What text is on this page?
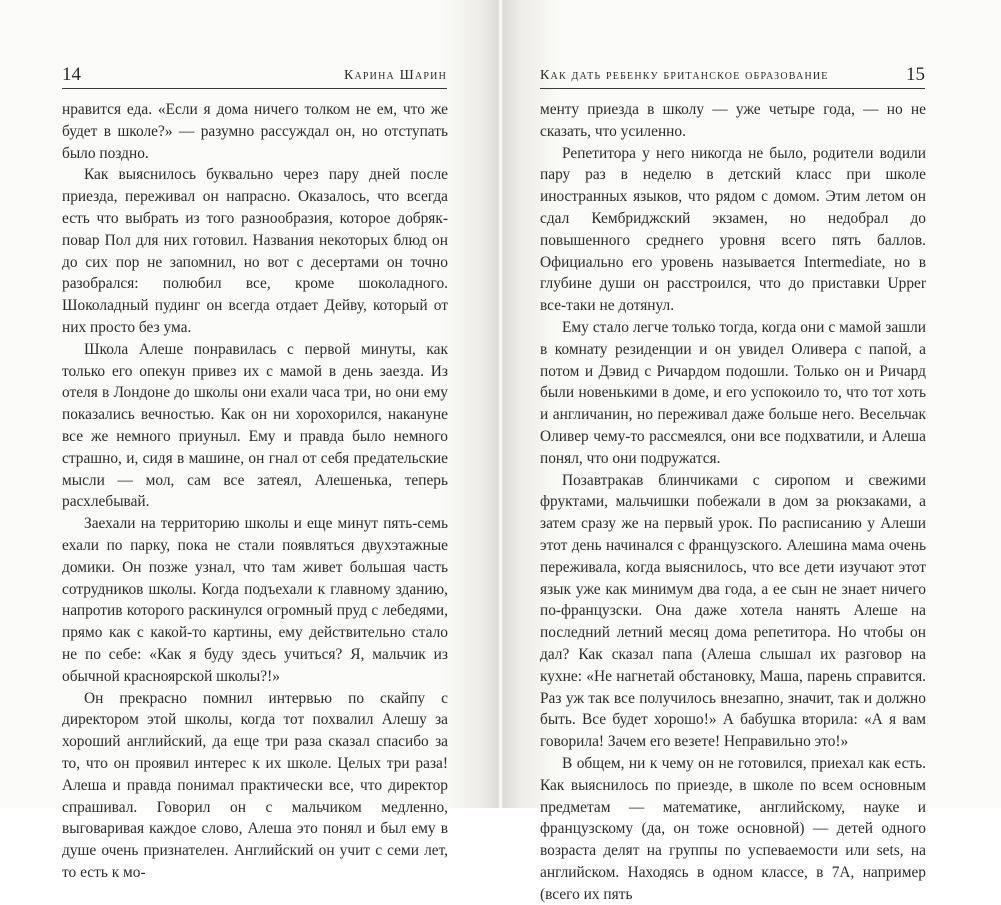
14	Карина Шарин

нравится еда. «Если я дома ничего толком не ем, что же будет в школе?» — разумно рассуждал он, но отступать было поздно.

Как выяснилось буквально через пару дней после приезда, переживал он напрасно. Оказалось, что всегда есть что выбрать из того разнообразия, которое добряк-повар Пол для них готовил. Названия некоторых блюд он до сих пор не запомнил, но вот с десертами он точно разобрался: полюбил все, кроме шоколадного. Шоколадный пудинг он всегда отдает Дейву, который от них просто без ума.

Школа Алеше понравилась с первой минуты, как только его опекун привез их с мамой в день заезда. Из отеля в Лондоне до школы они ехали часа три, но они ему показались вечностью. Как он ни хорохорился, накануне все же немного приуныл. Ему и правда было немного страшно, и, сидя в машине, он гнал от себя предательские мысли — мол, сам все затеял, Алешенька, теперь расхлебывай.

Заехали на территорию школы и еще минут пять-семь ехали по парку, пока не стали появляться двухэтажные домики. Он позже узнал, что там живет большая часть сотрудников школы. Когда подъехали к главному зданию, напротив которого раскинулся огромный пруд с лебедями, прямо как с какой-то картины, ему действительно стало не по себе: «Как я буду здесь учиться? Я, мальчик из обычной красноярской школы?!»

Он прекрасно помнил интервью по скайпу с директором этой школы, когда тот похвалил Алешу за хороший английский, да еще три раза сказал спасибо за то, что он проявил интерес к их школе. Целых три раза! Алеша и правда понимал практически все, что директор спрашивал. Говорил он с мальчиком медленно, выговаривая каждое слово, Алеша это понял и был ему в душе очень признателен. Английский он учит с семи лет, то есть к мо-

Как дать ребенку британское образование	15

менту приезда в школу — уже четыре года, — но не сказать, что усиленно.

Репетитора у него никогда не было, родители водили пару раз в неделю в детский класс при школе иностранных языков, что рядом с домом. Этим летом он сдал Кембриджский экзамен, но недобрал до повышенного среднего уровня всего пять баллов. Официально его уровень называется Intermediate, но в глубине души он расстроился, что до приставки Upper все-таки не дотянул.

Ему стало легче только тогда, когда они с мамой зашли в комнату резиденции и он увидел Оливера с папой, а потом и Дэвид с Ричардом подошли. Только он и Ричард были новенькими в доме, и его успокоило то, что тот хоть и англичанин, но переживал даже больше него. Весельчак Оливер чему-то рассмеялся, они все подхватили, и Алеша понял, что они подружатся.

Позавтракав блинчиками с сиропом и свежими фруктами, мальчишки побежали в дом за рюкзаками, а затем сразу же на первый урок. По расписанию у Алеши этот день начинался с французского. Алешина мама очень переживала, когда выяснилось, что все дети изучают этот язык уже как минимум два года, а ее сын не знает ничего по-французски. Она даже хотела нанять Алеше на последний летний месяц дома репетитора. Но чтобы он дал? Как сказал папа (Алеша слышал их разговор на кухне: «Не нагнетай обстановку, Маша, парень справится. Раз уж так все получилось внезапно, значит, так и должно быть. Все будет хорошо!» А бабушка вторила: «А я вам говорила! Зачем его везете! Неправильно это!»

В общем, ни к чему он не готовился, приехал как есть. Как выяснилось по приезде, в школе по всем основным предметам — математике, английскому, науке и французскому (да, он тоже основной) — детей одного возраста делят на группы по успеваемости или sets, на английском. Находясь в одном классе, в 7А, например (всего их пять
